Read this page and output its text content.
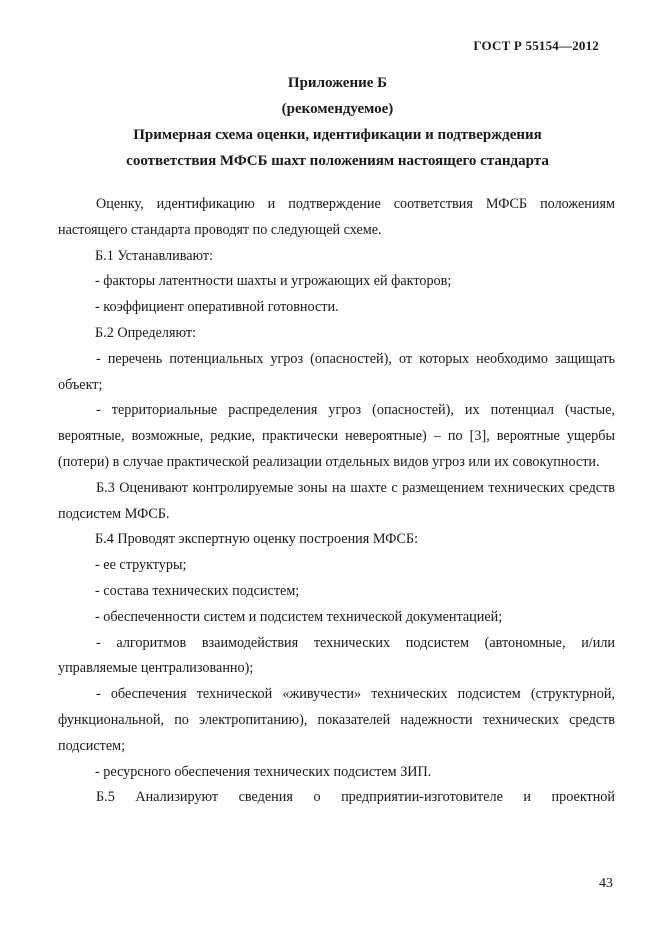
ГОСТ Р 55154—2012
Приложение Б
(рекомендуемое)
Примерная схема оценки, идентификации и подтверждения
соответствия МФСБ шахт положениям настоящего стандарта

Оценку, идентификацию и подтверждение соответствия МФСБ положениям настоящего стандарта проводят по следующей схеме.

Б.1 Устанавливают:

- факторы латентности шахты и угрожающих ей факторов;

- коэффициент оперативной готовности.

Б.2 Определяют:

- перечень потенциальных угроз (опасностей), от которых необходимо защищать объект;

- территориальные распределения угроз (опасностей), их потенциал (частые, вероятные, возможные, редкие, практически невероятные) – по [3], вероятные ущербы (потери) в случае практической реализации отдельных видов угроз или их совокупности.

Б.3 Оценивают контролируемые зоны на шахте с размещением технических средств подсистем МФСБ.

Б.4 Проводят экспертную оценку построения МФСБ:

- ее структуры;

- состава технических подсистем;

- обеспеченности систем и подсистем технической документацией;

- алгоритмов взаимодействия технических подсистем (автономные, и/или управляемые централизованно);

- обеспечения технической «живучести» технических подсистем (структурной, функциональной, по электропитанию), показателей надежности технических средств подсистем;

- ресурсного обеспечения технических подсистем ЗИП.

Б.5 Анализируют сведения о предприятии-изготовителе и проектной

43
